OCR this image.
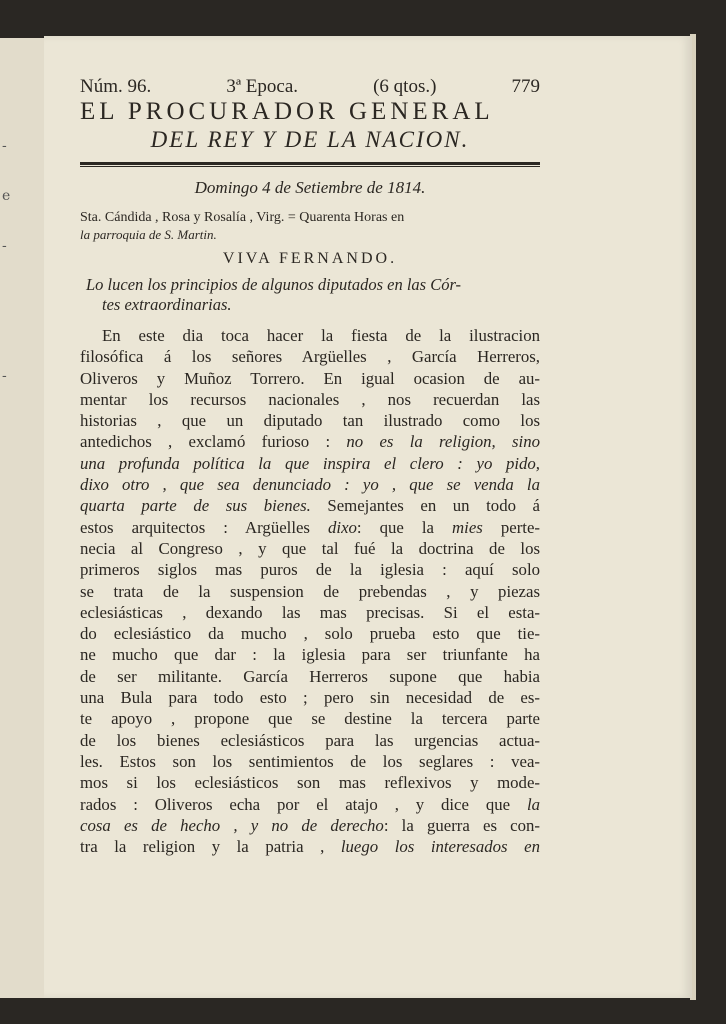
-
e
-
-
Núm. 96.	3ª Epoca.	(6 qtos.)	779
EL PROCURADOR GENERAL
DEL REY Y DE LA NACION.
Domingo 4 de Setiembre de 1814.
Sta. Cándida , Rosa y Rosalía , Virg. = Quarenta Horas en
la parroquia de S. Martin.
VIVA FERNANDO.
Lo lucen los principios de algunos diputados en las Cór-
tes extraordinarias.
En este dia toca hacer la fiesta de la ilustracion
filosófica á los señores Argüelles , García Herreros,
Oliveros y Muñoz Torrero. En igual ocasion de au-
mentar los recursos nacionales , nos recuerdan las
historias , que un diputado tan ilustrado como los
antedichos , exclamó furioso : no es la religion, sino
una profunda política la que inspira el clero : yo pido,
dixo otro , que sea denunciado : yo , que se venda la
quarta parte de sus bienes. Semejantes en un todo á
estos arquitectos : Argüelles dixo: que la mies perte-
necia al Congreso , y que tal fué la doctrina de los
primeros siglos mas puros de la iglesia : aquí solo
se trata de la suspension de prebendas , y piezas
eclesiásticas , dexando las mas precisas. Si el esta-
do eclesiástico da mucho , solo prueba esto que tie-
ne mucho que dar : la iglesia para ser triunfante ha
de ser militante. García Herreros supone que habia
una Bula para todo esto ; pero sin necesidad de es-
te apoyo , propone que se destine la tercera parte
de los bienes eclesiásticos para las urgencias actua-
les. Estos son los sentimientos de los seglares : vea-
mos si los eclesiásticos son mas reflexivos y mode-
rados : Oliveros echa por el atajo , y dice que la
cosa es de hecho , y no de derecho: la guerra es con-
tra la religion y la patria , luego los interesados en
